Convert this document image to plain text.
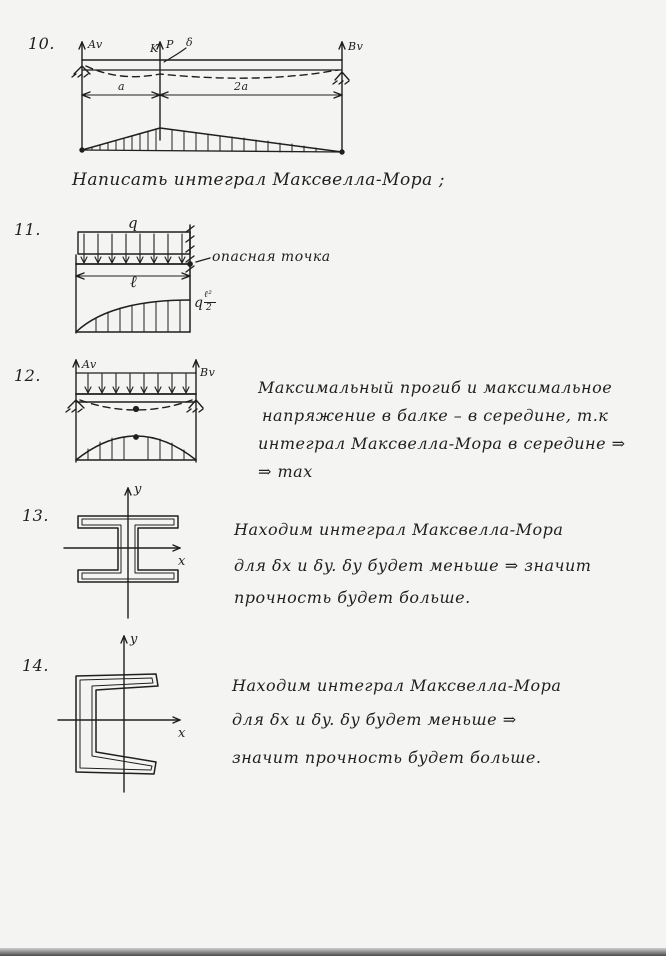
10.
11.
12.
13.
14.
Av	Bv
K P δ
a	2a
Написать интеграл Максвелла-Мора ;
q
ℓ
опасная точка
q ℓ²
2
Av
Bv
Максимальный прогиб и максимальное
напряжение в балке – в середине, т.к
интеграл Максвелла-Мора в середине ⇒
⇒ max
y
x
Находим интеграл Максвелла-Мора
для δx и δy. δy будет меньше ⇒ значит
прочность будет больше.
y
x
Находим интеграл Максвелла-Мора
для δx и δy. δy будет меньше ⇒
значит прочность будет больше.
